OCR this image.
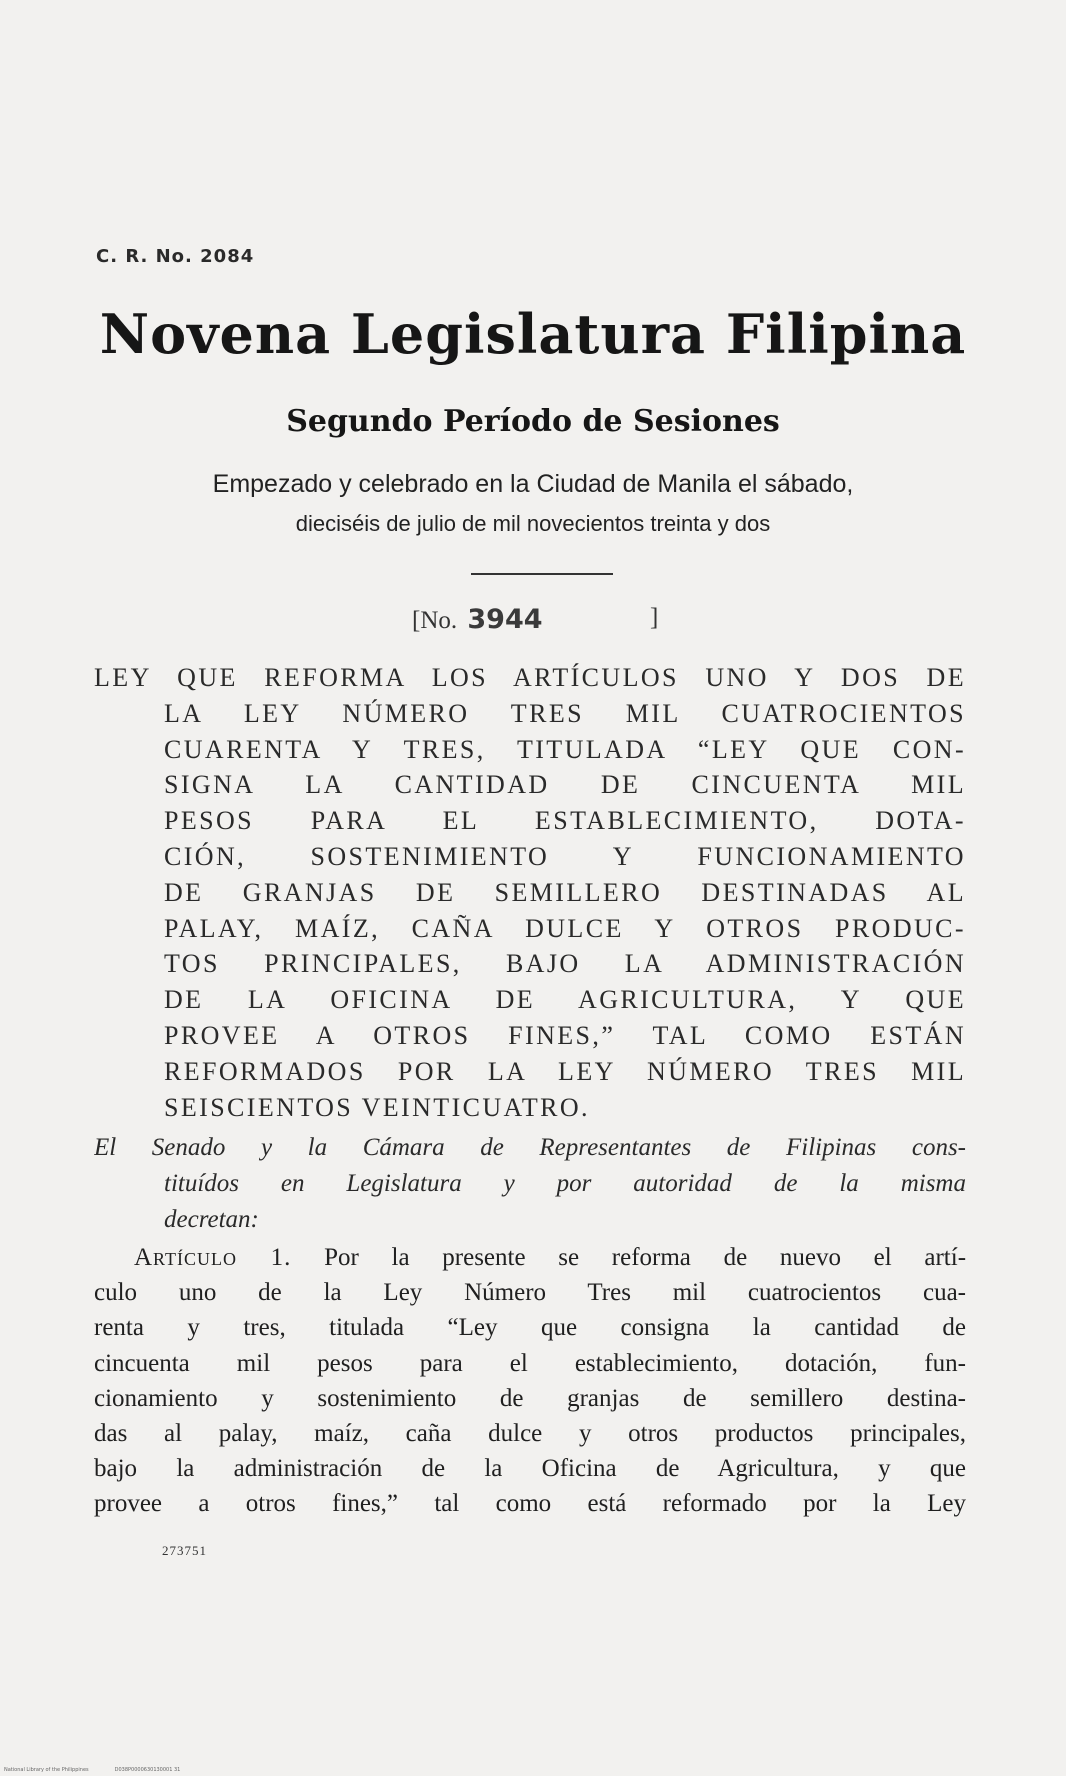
C. R. No. 2084
Novena Legislatura Filipina
Segundo Período de Sesiones
Empezado y celebrado en la Ciudad de Manila el sábado,
dieciséis de julio de mil novecientos treinta y dos
[No. 3944	]
LEY QUE REFORMA LOS ARTÍCULOS UNO Y DOS DE
LA LEY NÚMERO TRES MIL CUATROCIENTOS
CUARENTA Y TRES, TITULADA “LEY QUE CON-
SIGNA LA CANTIDAD DE CINCUENTA MIL
PESOS PARA EL ESTABLECIMIENTO, DOTA-
CIÓN, SOSTENIMIENTO Y FUNCIONAMIENTO
DE GRANJAS DE SEMILLERO DESTINADAS AL
PALAY, MAÍZ, CAÑA DULCE Y OTROS PRODUC-
TOS PRINCIPALES, BAJO LA ADMINISTRACIÓN
DE LA OFICINA DE AGRICULTURA, Y QUE
PROVEE A OTROS FINES,” TAL COMO ESTÁN
REFORMADOS POR LA LEY NÚMERO TRES MIL
SEISCIENTOS VEINTICUATRO.
El Senado y la Cámara de Representantes de Filipinas cons-
tituídos en Legislatura y por autoridad de la misma
decretan:
Artículo 1. Por la presente se reforma de nuevo el artí-
culo uno de la Ley Número Tres mil cuatrocientos cua-
renta y tres, titulada “Ley que consigna la cantidad de
cincuenta mil pesos para el establecimiento, dotación, fun-
cionamiento y sostenimiento de granjas de semillero destina-
das al palay, maíz, caña dulce y otros productos principales,
bajo la administración de la Oficina de Agricultura, y que
provee a otros fines,” tal como está reformado por la Ley
273751
National Library of the Philippines	D038P0000630130001 31
